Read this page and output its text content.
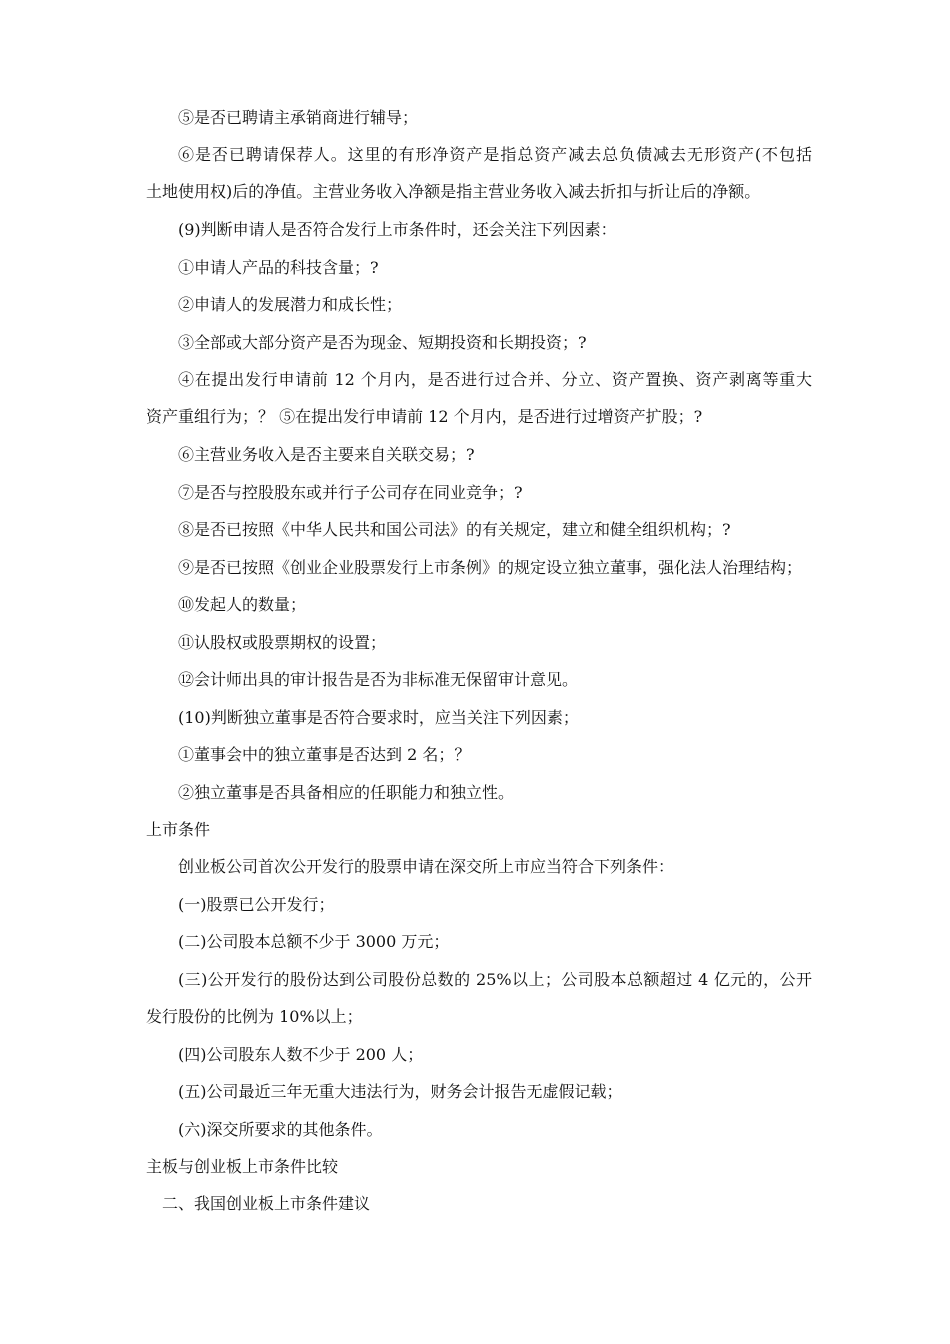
⑤是否已聘请主承销商进行辅导；
⑥是否已聘请保荐人。这里的有形净资产是指总资产减去总负债减去无形资产(不包括
土地使用权)后的净值。主营业务收入净额是指主营业务收入减去折扣与折让后的净额。
(9)判断申请人是否符合发行上市条件时，还会关注下列因素：
①申请人产品的科技含量；?
②申请人的发展潜力和成长性；
③全部或大部分资产是否为现金、短期投资和长期投资；?
④在提出发行申请前 12 个月内，是否进行过合并、分立、资产置换、资产剥离等重大
资产重组行为；？ ⑤在提出发行申请前 12 个月内，是否进行过增资产扩股；?
⑥主营业务收入是否主要来自关联交易；?
⑦是否与控股股东或并行子公司存在同业竞争；?
⑧是否已按照《中华人民共和国公司法》的有关规定，建立和健全组织机构；?
⑨是否已按照《创业企业股票发行上市条例》的规定设立独立董事，强化法人治理结构；
⑩发起人的数量；
⑪认股权或股票期权的设置；
⑫会计师出具的审计报告是否为非标准无保留审计意见。
(10)判断独立董事是否符合要求时，应当关注下列因素；
①董事会中的独立董事是否达到 2 名；？
②独立董事是否具备相应的任职能力和独立性。
上市条件
创业板公司首次公开发行的股票申请在深交所上市应当符合下列条件：
(一)股票已公开发行；
(二)公司股本总额不少于 3000 万元；
(三)公开发行的股份达到公司股份总数的 25%以上；公司股本总额超过 4 亿元的，公开
发行股份的比例为 10%以上；
(四)公司股东人数不少于 200 人；
(五)公司最近三年无重大违法行为，财务会计报告无虚假记载；
(六)深交所要求的其他条件。
主板与创业板上市条件比较
二、我国创业板上市条件建议
